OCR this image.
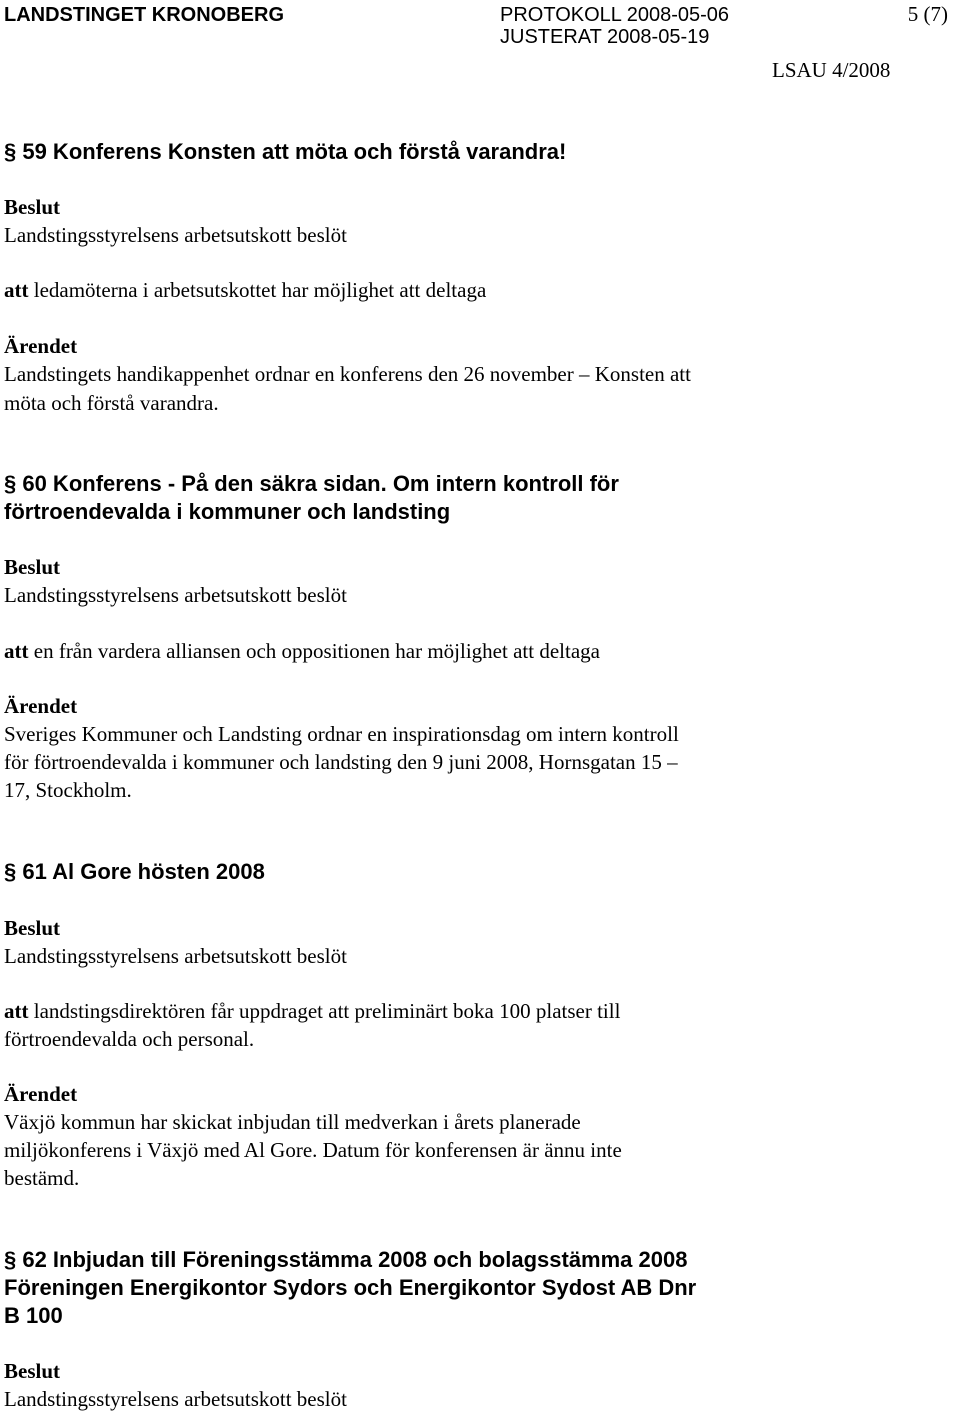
LANDSTINGET KRONOBERG	PROTOKOLL 2008-05-06
JUSTERAT 2008-05-19
5 (7)
LSAU 4/2008
§ 59 Konferens Konsten att möta och förstå varandra!
Beslut
Landstingsstyrelsens arbetsutskott beslöt
att ledamöterna i arbetsutskottet har möjlighet att deltaga
Ärendet
Landstingets handikappenhet ordnar en konferens den 26 november – Konsten att
möta och förstå varandra.
§ 60 Konferens - På den säkra sidan. Om intern kontroll för
förtroendevalda i kommuner och landsting
Beslut
Landstingsstyrelsens arbetsutskott beslöt
att en från vardera alliansen och oppositionen har möjlighet att deltaga
Ärendet
Sveriges Kommuner och Landsting ordnar en inspirationsdag om intern kontroll
för förtroendevalda i kommuner och landsting den 9 juni 2008, Hornsgatan 15 –
17, Stockholm.
§ 61 Al Gore hösten 2008
Beslut
Landstingsstyrelsens arbetsutskott beslöt
att landstingsdirektören får uppdraget att preliminärt boka 100 platser till
förtroendevalda och personal.
Ärendet
Växjö kommun har skickat inbjudan till medverkan i årets planerade
miljökonferens i Växjö med Al Gore. Datum för konferensen är ännu inte
bestämd.
§ 62 Inbjudan till Föreningsstämma 2008 och bolagsstämma 2008
Föreningen Energikontor Sydors och Energikontor Sydost AB Dnr
B 100
Beslut
Landstingsstyrelsens arbetsutskott beslöt
